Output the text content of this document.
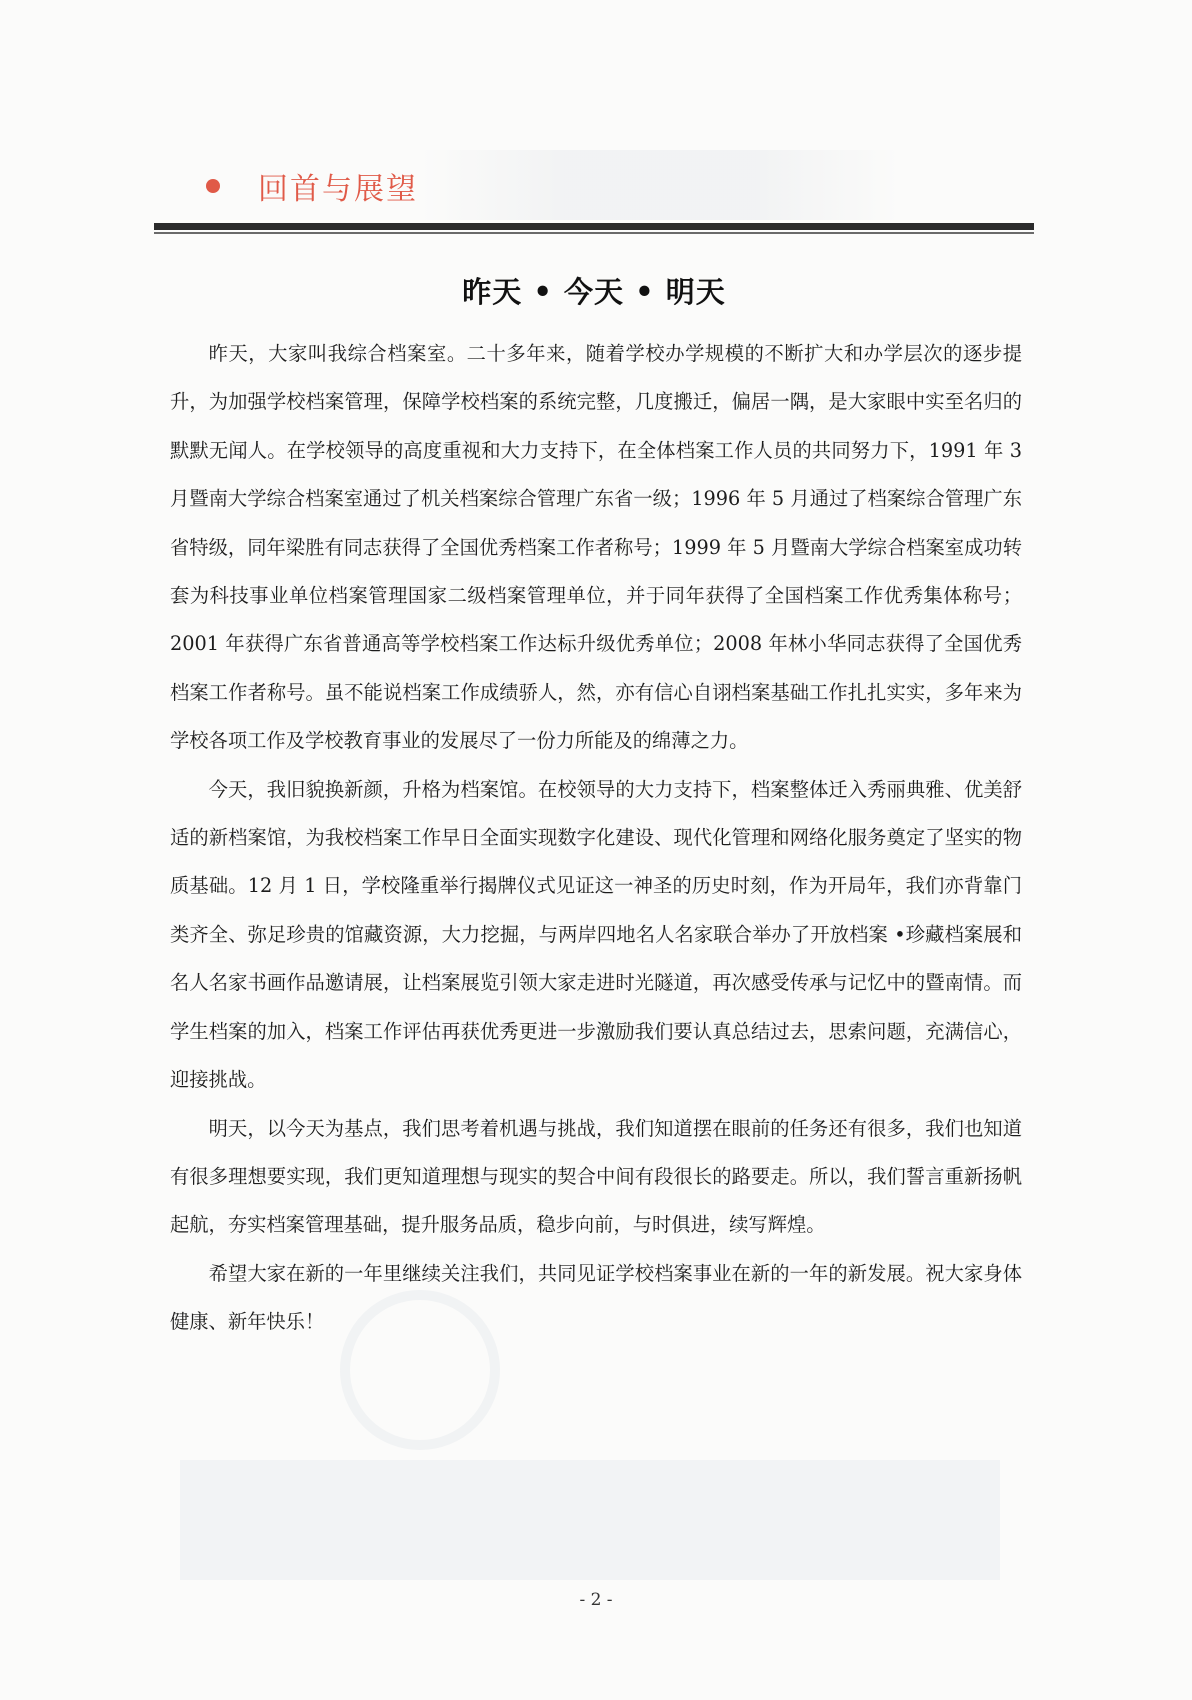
回首与展望
昨天 • 今天 • 明天

昨天，大家叫我综合档案室。二十多年来，随着学校办学规模的不断扩大和办学层次的逐步提升，为加强学校档案管理，保障学校档案的系统完整，几度搬迁，偏居一隅，是大家眼中实至名归的默默无闻人。在学校领导的高度重视和大力支持下，在全体档案工作人员的共同努力下，1991 年 3 月暨南大学综合档案室通过了机关档案综合管理广东省一级；1996 年 5 月通过了档案综合管理广东省特级，同年梁胜有同志获得了全国优秀档案工作者称号；1999 年 5 月暨南大学综合档案室成功转套为科技事业单位档案管理国家二级档案管理单位，并于同年获得了全国档案工作优秀集体称号；2001 年获得广东省普通高等学校档案工作达标升级优秀单位；2008 年林小华同志获得了全国优秀档案工作者称号。虽不能说档案工作成绩骄人，然，亦有信心自诩档案基础工作扎扎实实，多年来为学校各项工作及学校教育事业的发展尽了一份力所能及的绵薄之力。

今天，我旧貌换新颜，升格为档案馆。在校领导的大力支持下，档案整体迁入秀丽典雅、优美舒适的新档案馆，为我校档案工作早日全面实现数字化建设、现代化管理和网络化服务奠定了坚实的物质基础。12 月 1 日，学校隆重举行揭牌仪式见证这一神圣的历史时刻，作为开局年，我们亦背靠门类齐全、弥足珍贵的馆藏资源，大力挖掘，与两岸四地名人名家联合举办了开放档案 •珍藏档案展和名人名家书画作品邀请展，让档案展览引领大家走进时光隧道，再次感受传承与记忆中的暨南情。而学生档案的加入，档案工作评估再获优秀更进一步激励我们要认真总结过去，思索问题，充满信心，迎接挑战。

明天，以今天为基点，我们思考着机遇与挑战，我们知道摆在眼前的任务还有很多，我们也知道有很多理想要实现，我们更知道理想与现实的契合中间有段很长的路要走。所以，我们誓言重新扬帆起航，夯实档案管理基础，提升服务品质，稳步向前，与时俱进，续写辉煌。

希望大家在新的一年里继续关注我们，共同见证学校档案事业在新的一年的新发展。祝大家身体健康、新年快乐！

- 2 -
